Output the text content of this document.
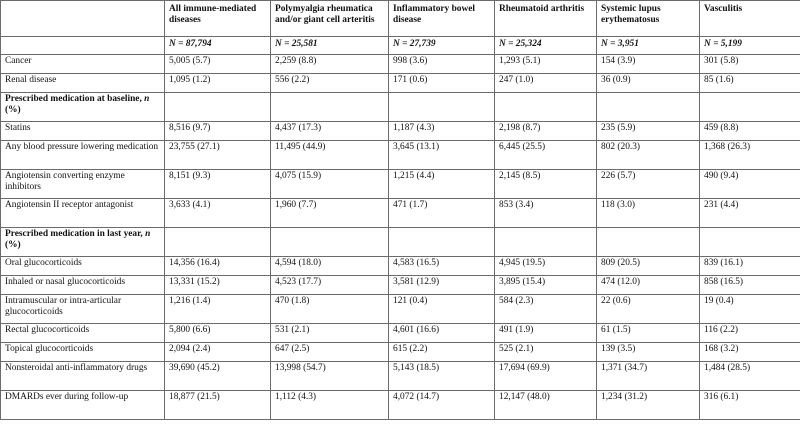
	All immune-mediated diseases	Polymyalgia rheumatica and/or giant cell arteritis	Inflammatory bowel disease	Rheumatoid arthritis	Systemic lupus erythematosus	Vasculitis
	N = 87,794	N = 25,581	N = 27,739	N = 25,324	N = 3,951	N = 5,199
Cancer	5,005 (5.7)	2,259 (8.8)	998 (3.6)	1,293 (5.1)	154 (3.9)	301 (5.8)
Renal disease	1,095 (1.2)	556 (2.2)	171 (0.6)	247 (1.0)	36 (0.9)	85 (1.6)
Prescribed medication at baseline, n (%)						
Statins	8,516 (9.7)	4,437 (17.3)	1,187 (4.3)	2,198 (8.7)	235 (5.9)	459 (8.8)
Any blood pressure lowering medication	23,755 (27.1)	11,495 (44.9)	3,645 (13.1)	6,445 (25.5)	802 (20.3)	1,368 (26.3)
Angiotensin converting enzyme inhibitors	8,151 (9.3)	4,075 (15.9)	1,215 (4.4)	2,145 (8.5)	226 (5.7)	490 (9.4)
Angiotensin II receptor antagonist	3,633 (4.1)	1,960 (7.7)	471 (1.7)	853 (3.4)	118 (3.0)	231 (4.4)
Prescribed medication in last year, n (%)						
Oral glucocorticoids	14,356 (16.4)	4,594 (18.0)	4,583 (16.5)	4,945 (19.5)	809 (20.5)	839 (16.1)
Inhaled or nasal glucocorticoids	13,331 (15.2)	4,523 (17.7)	3,581 (12.9)	3,895 (15.4)	474 (12.0)	858 (16.5)
Intramuscular or intra-articular glucocorticoids	1,216 (1.4)	470 (1.8)	121 (0.4)	584 (2.3)	22 (0.6)	19 (0.4)
Rectal glucocorticoids	5,800 (6.6)	531 (2.1)	4,601 (16.6)	491 (1.9)	61 (1.5)	116 (2.2)
Topical glucocorticoids	2,094 (2.4)	647 (2.5)	615 (2.2)	525 (2.1)	139 (3.5)	168 (3.2)
Nonsteroidal anti-inflammatory drugs	39,690 (45.2)	13,998 (54.7)	5,143 (18.5)	17,694 (69.9)	1,371 (34.7)	1,484 (28.5)
DMARDs ever during follow-up	18,877 (21.5)	1,112 (4.3)	4,072 (14.7)	12,147 (48.0)	1,234 (31.2)	316 (6.1)
